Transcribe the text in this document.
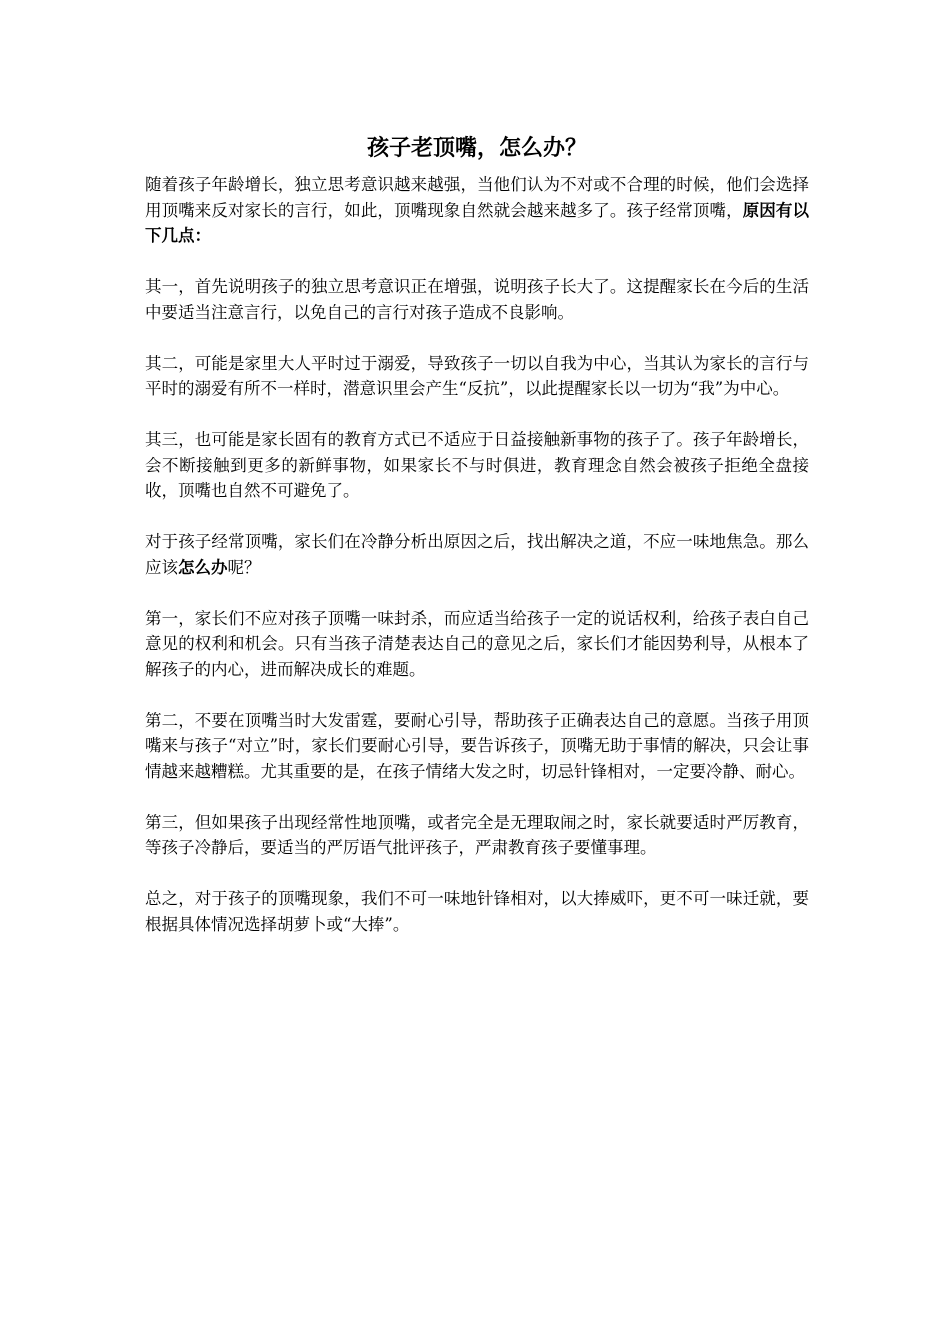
孩子老顶嘴，怎么办？

随着孩子年龄增长，独立思考意识越来越强，当他们认为不对或不合理的时候，他们会选择用顶嘴来反对家长的言行，如此，顶嘴现象自然就会越来越多了。孩子经常顶嘴，原因有以下几点：

其一，首先说明孩子的独立思考意识正在增强，说明孩子长大了。这提醒家长在今后的生活中要适当注意言行，以免自己的言行对孩子造成不良影响。

其二，可能是家里大人平时过于溺爱，导致孩子一切以自我为中心，当其认为家长的言行与平时的溺爱有所不一样时，潜意识里会产生“反抗”，以此提醒家长以一切为“我”为中心。

其三，也可能是家长固有的教育方式已不适应于日益接触新事物的孩子了。孩子年龄增长，会不断接触到更多的新鲜事物，如果家长不与时俱进，教育理念自然会被孩子拒绝全盘接收，顶嘴也自然不可避免了。

对于孩子经常顶嘴，家长们在冷静分析出原因之后，找出解决之道，不应一味地焦急。那么应该怎么办呢？

第一，家长们不应对孩子顶嘴一味封杀，而应适当给孩子一定的说话权利，给孩子表白自己意见的权利和机会。只有当孩子清楚表达自己的意见之后，家长们才能因势利导，从根本了解孩子的内心，进而解决成长的难题。

第二，不要在顶嘴当时大发雷霆，要耐心引导，帮助孩子正确表达自己的意愿。当孩子用顶嘴来与孩子“对立”时，家长们要耐心引导，要告诉孩子，顶嘴无助于事情的解决，只会让事情越来越糟糕。尤其重要的是，在孩子情绪大发之时，切忌针锋相对，一定要冷静、耐心。

第三，但如果孩子出现经常性地顶嘴，或者完全是无理取闹之时，家长就要适时严厉教育，等孩子冷静后，要适当的严厉语气批评孩子，严肃教育孩子要懂事理。

总之，对于孩子的顶嘴现象，我们不可一味地针锋相对，以大捧威吓，更不可一味迁就，要根据具体情况选择胡萝卜或“大捧”。
